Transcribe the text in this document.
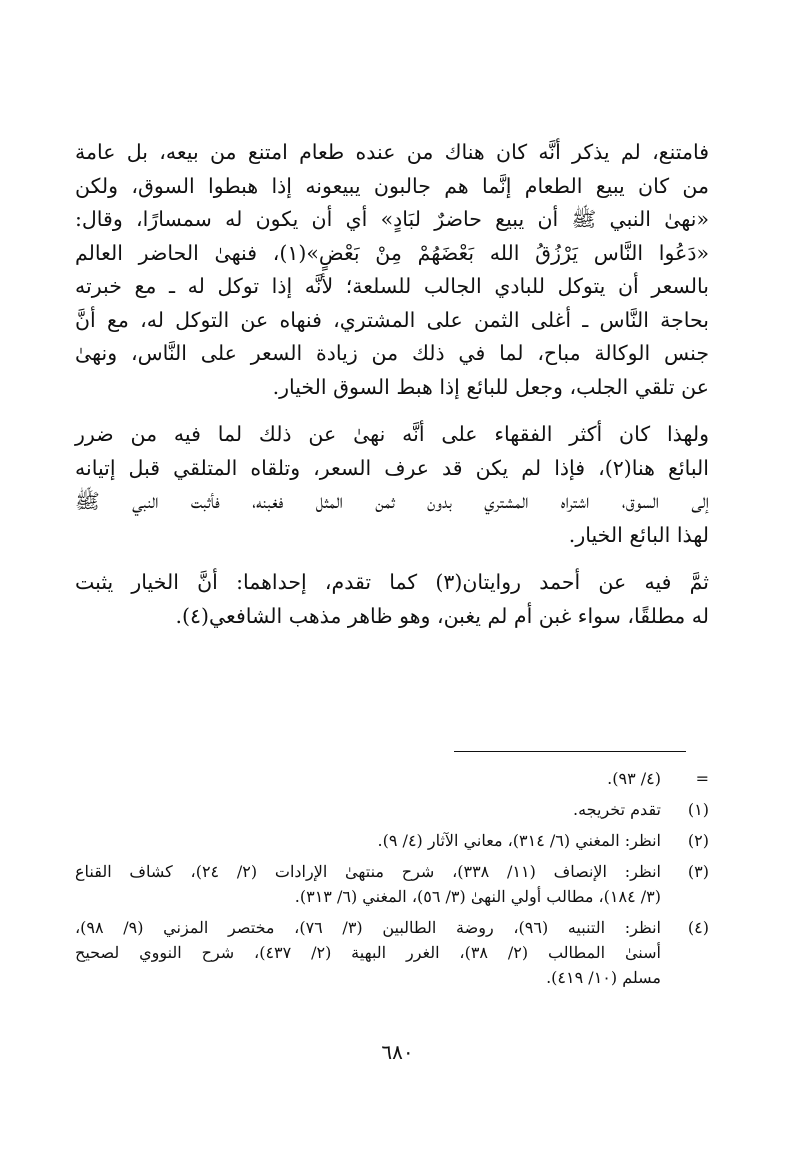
فامتنع، لم يذكر أنَّه كان هناك من عنده طعام امتنع من بيعه، بل عامة
من كان يبيع الطعام إنَّما هم جالبون يبيعونه إذا هبطوا السوق، ولكن
«نهىٰ النبي ﷺ أن يبيع حاضرٌ لبَادٍ» أي أن يكون له سمسارًا، وقال:
«دَعُوا النَّاس يَرْزُقُ الله بَعْضَهُمْ مِنْ بَعْضٍ»(١)، فنهىٰ الحاضر العالم
بالسعر أن يتوكل للبادي الجالب للسلعة؛ لأنَّه إذا توكل له ـ مع خبرته
بحاجة النَّاس ـ أغلى الثمن على المشتري، فنهاه عن التوكل له، مع أنَّ
جنس الوكالة مباح، لما في ذلك من زيادة السعر على النَّاس، ونهىٰ
عن تلقي الجلب، وجعل للبائع إذا هبط السوق الخيار.

ولهذا كان أكثر الفقهاء على أنَّه نهىٰ عن ذلك لما فيه من ضرر
البائع هنا(٢)، فإذا لم يكن قد عرف السعر، وتلقاه المتلقي قبل إتيانه
إلى السوق، اشتراه المشتري بدون ثمن المثل فغبنه، فأثبت النبي ﷺ
لهذا البائع الخيار.

ثمَّ فيه عن أحمد روايتان(٣) كما تقدم، إحداهما: أنَّ الخيار يثبت
له مطلقًا، سواء غبن أم لم يغبن، وهو ظاهر مذهب الشافعي(٤).

=
(٤/ ٩٣).
(١)
تقدم تخريجه.
(٢)
انظر: المغني (٦/ ٣١٤)، معاني الآثار (٤/ ٩).
(٣)
انظر: الإنصاف (١١/ ٣٣٨)، شرح منتهىٰ الإرادات (٢/ ٢٤)، كشاف القناع
(٣/ ١٨٤)، مطالب أولي النهىٰ (٣/ ٥٦)، المغني (٦/ ٣١٣).
(٤)
انظر: التنبيه (٩٦)، روضة الطالبين (٣/ ٧٦)، مختصر المزني (٩/ ٩٨)،
أسنىٰ المطالب (٢/ ٣٨)، الغرر البهية (٢/ ٤٣٧)، شرح النووي لصحيح
مسلم (١٠/ ٤١٩).
٦٨٠
